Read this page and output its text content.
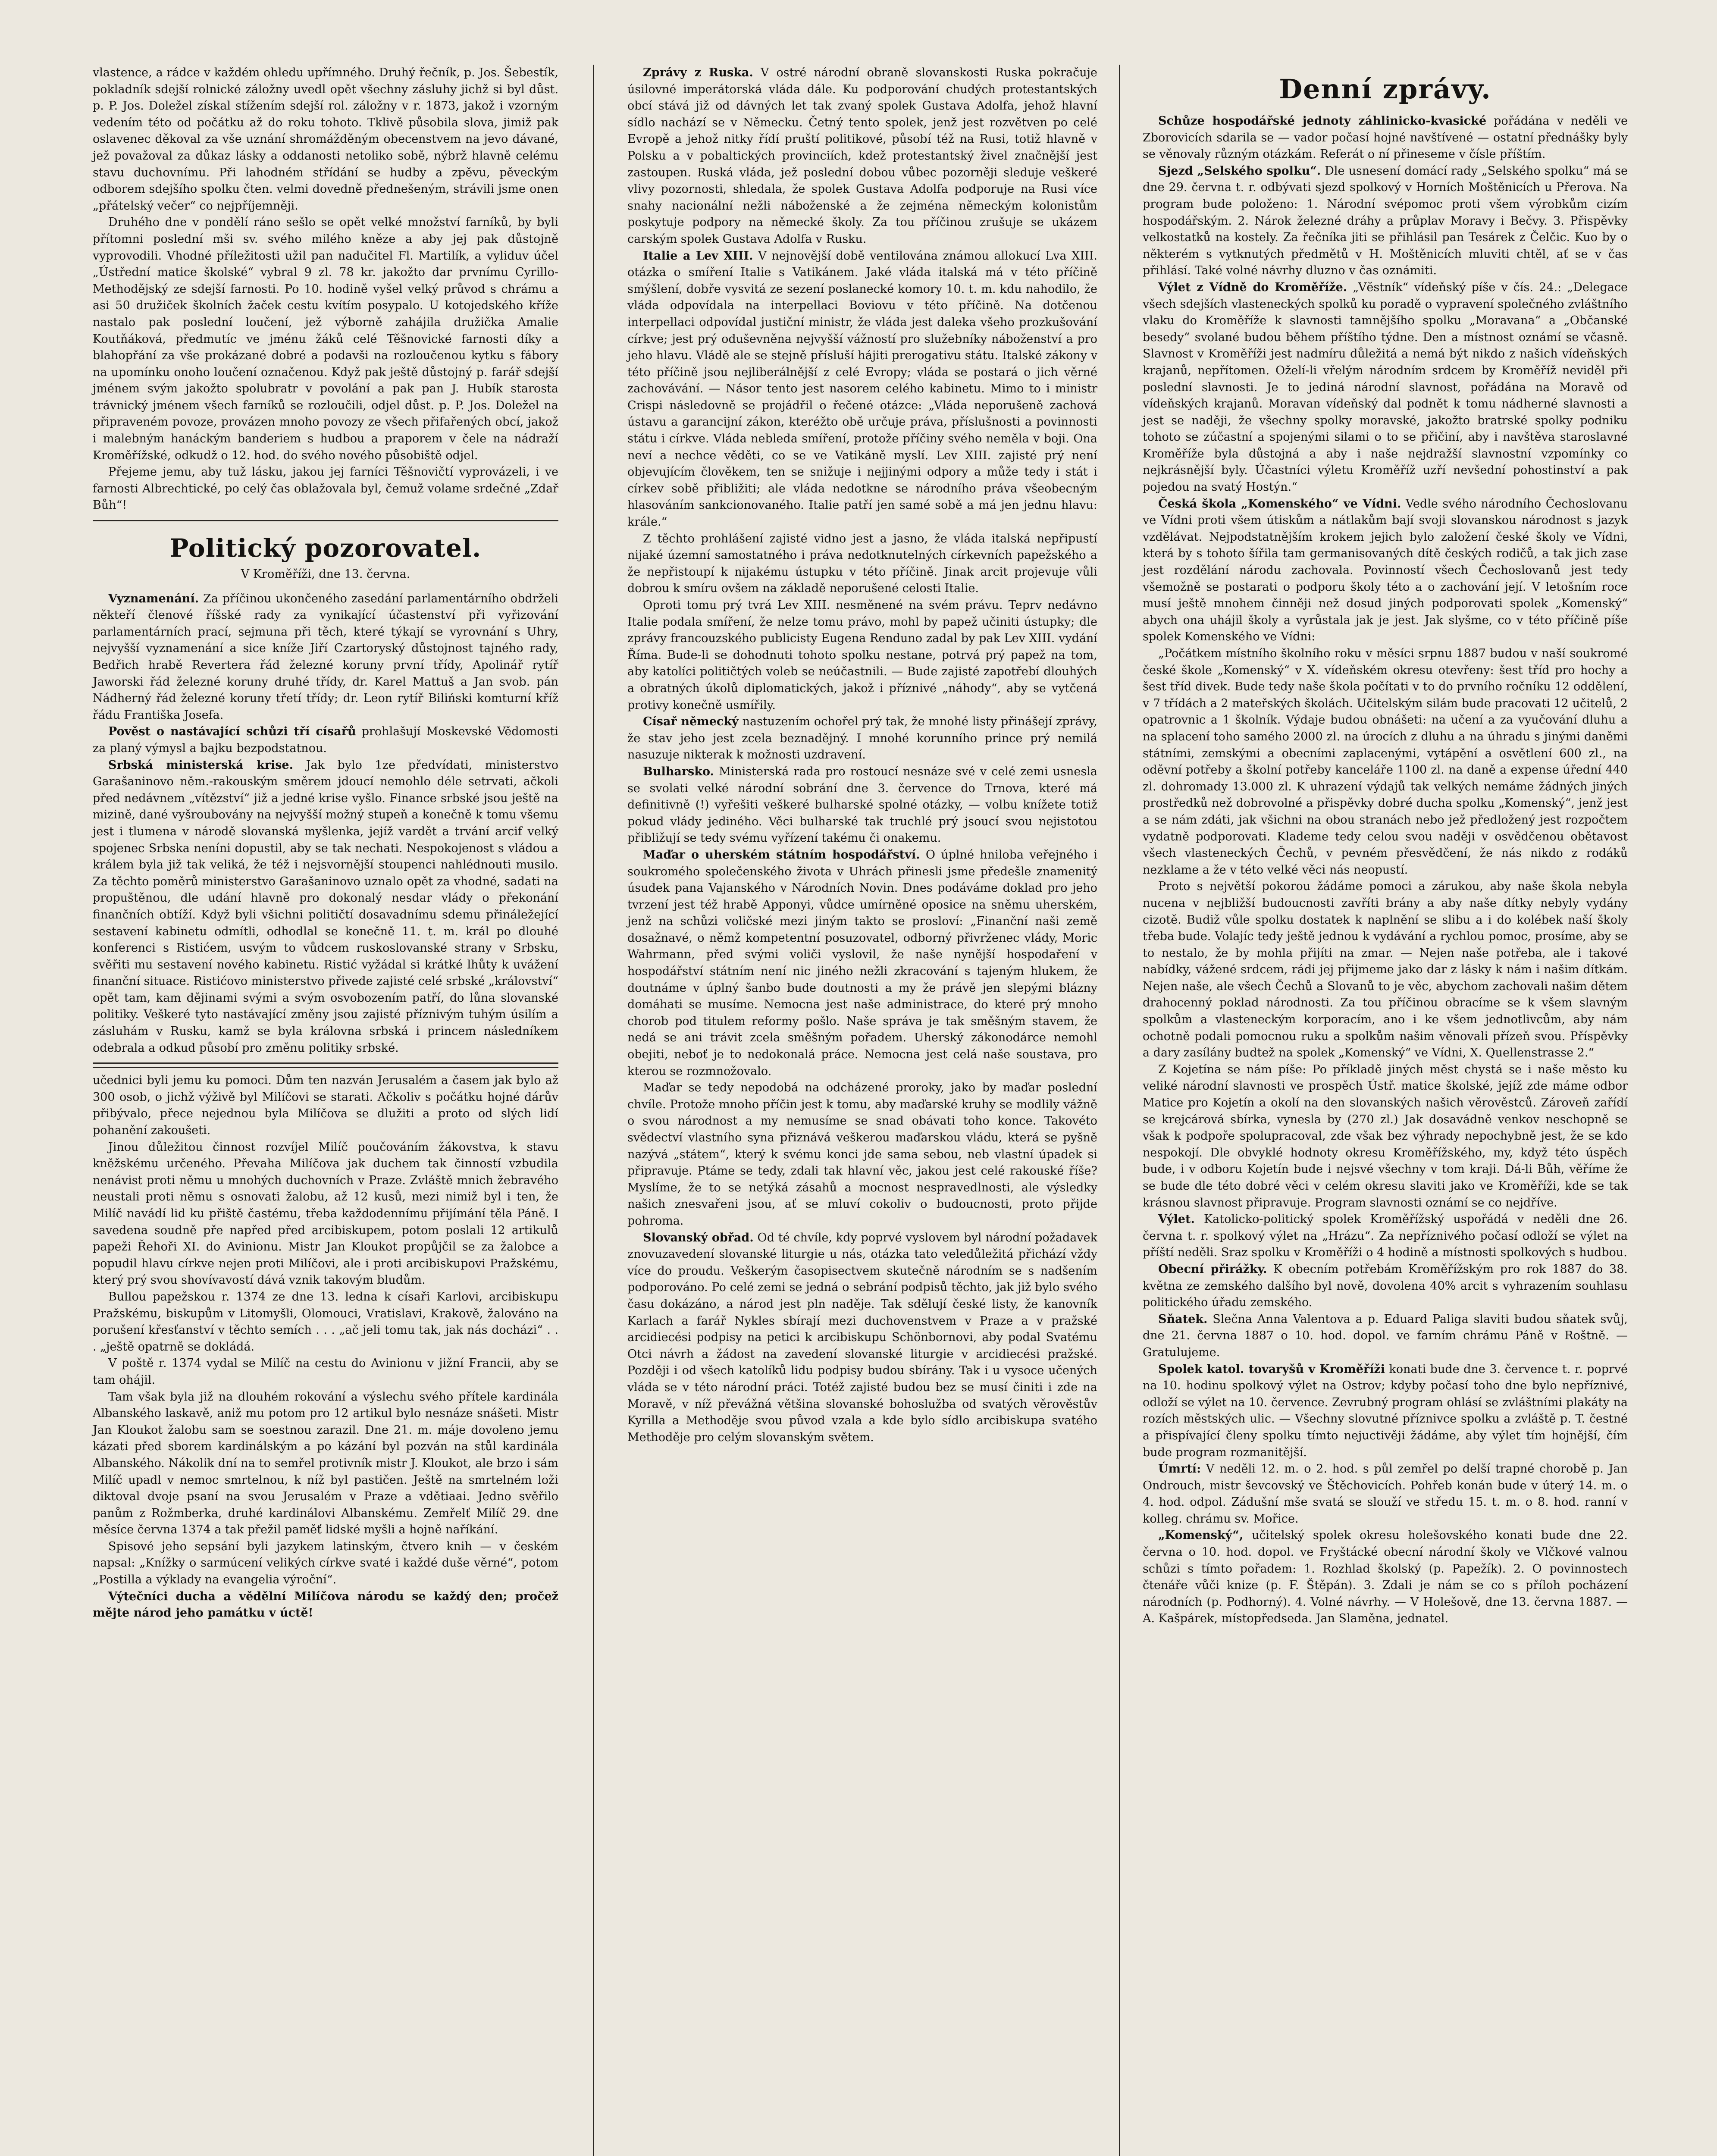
vlastence, a rádce v každém ohledu upřímného. Druhý řečník, p. Jos. Šebestík, pokladník sdejší rolnické záložny uvedl opět všechny zásluhy jichž si byl důst. p. P. Jos. Doležel získal stížením sdejší rol. záložny v r. 1873, jakož i vzorným vedením této od počátku až do roku tohoto. Tklivě působila slova, jimiž pak oslavenec děkoval za vše uznání shromážděným obecenstvem na jevo dávané, jež považoval za důkaz lásky a oddanosti netoliko sobě, nýbrž hlavně celému stavu duchovnímu. Při lahodném střídání se hudby a zpěvu, pěveckým odborem sdejšího spolku čten. velmi dovedně přednešeným, strávili jsme onen „přátelský večer“ co nejpříjemněji.

Druhého dne v pondělí ráno sešlo se opět velké množství farníků, by byli přítomni poslední mši sv. svého milého kněze a aby jej pak důstojně vyprovodili. Vhodné příležitosti užil pan nadučitel Fl. Martilík, a vyliduv účel „Ústřední matice školské“ vybral 9 zl. 78 kr. jakožto dar prvnímu Cyrillo-Methodějský ze sdejší farnosti. Po 10. hodině vyšel velký průvod s chrámu a asi 50 družiček školních žaček cestu kvítím posypalo. U kotojedského kříže nastalo pak poslední loučení, jež výborně zahájila družička Amalie Koutňáková, předmutíc ve jménu žáků celé Těšnovické farnosti díky a blahopřání za vše prokázané dobré a podavši na rozloučenou kytku s fábory na upomínku onoho loučení označenou. Když pak ještě důstojný p. farář sdejší jménem svým jakožto spolubratr v povolání a pak pan J. Hubík starosta trávnický jménem všech farníků se rozloučili, odjel důst. p. P. Jos. Doležel na připraveném povoze, provázen mnoho povozy ze všech přifařených obcí, jakož i malebným hanáckým banderiem s hudbou a praporem v čele na nádraží Kroměřížské, odkudž o 12. hod. do svého nového působiště odjel.

Přejeme jemu, aby tuž lásku, jakou jej farníci Těšnovičtí vyprovázeli, i ve farnosti Albrechtické, po celý čas oblažovala byl, čemuž volame srdečné „Zdař Bůh“!

Politický pozorovatel.
V Kroměříži, dne 13. června.

Vyznamenání. Za příčinou ukončeného zasedání parlamentárního obdrželi někteří členové říšské rady za vynikající účastenství při vyřizování parlamentárních prací, sejmuna při těch, které týkají se vyrovnání s Uhry, nejvyšší vyznamenání a sice kníže Jiří Czartoryský důstojnost tajného rady, Bedřich hrabě Revertera řád železné koruny první třídy, Apolinář rytíř Jaworski řád železné koruny druhé třídy, dr. Karel Mattuš a Jan svob. pán Nádherný řád železné koruny třetí třídy; dr. Leon rytíř Biliński komturní kříž řádu Františka Josefa.

Pověst o nastávající schůzi tří císařů prohlašují Moskevské Vědomosti za planý výmysl a bajku bezpodstatnou.

Srbská ministerská krise. Jak bylo 1ze předvídati, ministerstvo Garašaninovo něm.-rakouským směrem jdoucí nemohlo déle setrvati, ačkoli před nedávnem „vítězství“ již a jedné krise vyšlo. Finance srbské jsou ještě na mizině, dané vyšroubovány na nejvyšší možný stupeň a konečně k tomu všemu jest i tlumena v národě slovanská myšlenka, jejíž vardět a trvání arcif velký spojenec Srbska neníni dopustil, aby se tak nechati. Nespokojenost s vládou a králem byla již tak veliká, že též i nejsvornější stoupenci nahlédnouti musilo. Za těchto poměrů ministerstvo Garašaninovo uznalo opět za vhodné, sadati na propuštěnou, dle udání hlavně pro dokonalý nesdar vlády o překonání finančních obtíží. Když byli všichni političtí dosavadnímu sdemu přináležející sestavení kabinetu odmítli, odhodlal se konečně 11. t. m. král po dlouhé konferenci s Ristićem, usvým to vůdcem ruskoslovanské strany v Srbsku, svěřiti mu sestavení nového kabinetu. Ristić vyžádal si krátké lhůty k uvážení finanční situace. Ristićovo ministerstvo přivede zajisté celé srbské „království“ opět tam, kam dějinami svými a svým osvobozením patří, do lůna slovanské politiky. Veškeré tyto nastávající změny jsou zajisté příznivým tuhým úsilím a zásluhám v Rusku, kamž se byla královna srbská i princem následníkem odebrala a odkud působí pro změnu politiky srbské.

učednici byli jemu ku pomoci. Dům ten nazván Jerusalém a časem jak bylo až 300 osob, o jichž výživě byl Milíčovi se starati. Ačkoliv s počátku hojné dárův přibývalo, přece nejednou byla Milíčova se dlužiti a proto od slých lidí pohanění zakoušeti.

Jinou důležitou činnost rozvíjel Milíč poučováním žákovstva, k stavu kněžskému určeného. Převaha Milíčova jak duchem tak činností vzbudila nenávist proti němu u mnohých duchovních v Praze. Zvláště mnich žebravého neustali proti němu s osnovati žalobu, až 12 kusů, mezi nimiž byl i ten, že Milíč navádí lid ku přiště častému, třeba každodennímu přijímání těla Páně. I savedena soudně pře napřed před arcibiskupem, potom poslali 12 artikulů papeži Řehoři XI. do Avinionu. Mistr Jan Kloukot propůjčil se za žalobce a popudil hlavu církve nejen proti Milíčovi, ale i proti arcibiskupovi Pražskému, který prý svou shovívavostí dává vznik takovým bludům.

Bullou papežskou r. 1374 ze dne 13. ledna k císaři Karlovi, arcibiskupu Pražskému, biskupům v Litomyšli, Olomouci, Vratislavi, Krakově, žalováno na porušení křesťanství v těchto semích . . . „ač jeli tomu tak, jak nás docházi“ . . . „ještě opatrně se dokládá.

V poště r. 1374 vydal se Milíč na cestu do Avinionu v jižní Francii, aby se tam ohájil.

Tam však byla již na dlouhém rokování a výslechu svého přítele kardinála Albanského laskavě, aniž mu potom pro 12 artikul bylo nesnáze snášeti. Mistr Jan Kloukot žalobu sam se soestnou zarazil. Dne 21. m. máje dovoleno jemu kázati před sborem kardinálským a po kázání byl pozván na stůl kardinála Albanského. Nákolik dní na to semřel protivník mistr J. Kloukot, ale brzo i sám Milíč upadl v nemoc smrtelnou, k níž byl pastičen. Ještě na smrtelném loži diktoval dvoje psaní na svou Jerusalém v Praze a vdětiaai. Jedno svěřilo panům z Rožmberka, druhé kardinálovi Albanskému. Zemřelť Milíč 29. dne měsíce června 1374 a tak přežil paměť lidské myšli a hojně naříkání.

Spisové jeho sepsání byli jazykem latinským, čtvero knih — v českém napsal: „Knížky o sarmúcení velikých církve svaté i každé duše věrné“, potom „Postilla a výklady na evangelia výroční“.

Výtečníci ducha a vědělní Milíčova národu se každý den; pročež mějte národ jeho památku v úctě!

Zprávy z Ruska. V ostré národní obraně slovanskosti Ruska pokračuje úsilovné imperátorská vláda dále. Ku podporování chudých protestantských obcí stává již od dávných let tak zvaný spolek Gustava Adolfa, jehož hlavní sídlo nachází se v Německu. Četný tento spolek, jenž jest rozvětven po celé Evropě a jehož nitky řídí pruští politikové, působí též na Rusi, totiž hlavně v Polsku a v pobaltických provinciích, kdež protestantský živel značnější jest zastoupen. Ruská vláda, jež poslední dobou vůbec pozorněji sleduje veškeré vlivy pozornosti, shledala, že spolek Gustava Adolfa podporuje na Rusi více snahy nacionální nežli náboženské a že zejména německým kolonistům poskytuje podpory na německé školy. Za tou příčinou zrušuje se ukázem carským spolek Gustava Adolfa v Rusku.

Italie a Lev XIII. V nejnovější době ventilována známou allokucí Lva XIII. otázka o smíření Italie s Vatikánem. Jaké vláda italská má v této příčině smýšlení, dobře vysvitá ze sezení poslanecké komory 10. t. m. kdu nahodilo, že vláda odpovídala na interpellaci Boviovu v této příčině. Na dotčenou interpellaci odpovídal justiční ministr, že vláda jest daleka všeho prozkušování církve; jest prý oduševněna nejvyšší vážností pro služebníky náboženství a pro jeho hlavu. Vládě ale se stejně přísluší hájiti prerogativu státu. Italské zákony v této příčině jsou nejliberálnější z celé Evropy; vláda se postará o jich věrné zachovávání. — Násor tento jest nasorem celého kabinetu. Mimo to i ministr Crispi následovně se projádřil o řečené otázce: „Vláda neporušeně zachová ústavu a garancijní zákon, kteréžto obě určuje práva, příslušnosti a povinnosti státu i církve. Vláda nebleda smíření, protože příčiny svého neměla v boji. Ona neví a nechce věděti, co se ve Vatikáně myslí. Lev XIII. zajisté prý není objevujícím člověkem, ten se snižuje i nejjinými odpory a může tedy i stát i církev sobě přibližiti; ale vláda nedotkne se národního práva všeobecným hlasováním sankcionovaného. Italie patří jen samé sobě a má jen jednu hlavu: krále.“

Z těchto prohlášení zajisté vidno jest a jasno, že vláda italská nepřipustí nijaké územní samostatného i práva nedotknutelných církevních papežského a že nepřistoupí k nijakému ústupku v této příčině. Jinak arcit projevuje vůli dobrou k smíru ovšem na základě neporušené celosti Italie.

Oproti tomu prý tvrá Lev XIII. nesměnené na svém právu. Teprv nedávno Italie podala smíření, že nelze tomu právo, mohl by papež učiniti ústupky; dle zprávy francouzského publicisty Eugena Renduno zadal by pak Lev XIII. vydání Říma. Bude-li se dohodnuti tohoto spolku nestane, potrvá prý papež na tom, aby katolíci političtých voleb se neúčastnili. — Bude zajisté zapotřebí dlouhých a obratných úkolů diplomatických, jakož i příznivé „náhody“, aby se vytčená protivy konečně usmířily.

Císař německý nastuzením ochořel prý tak, že mnohé listy přinášejí zprávy, že stav jeho jest zcela beznadějný. I mnohé korunního prince prý nemilá nasuzuje nikterak k možnosti uzdravení.

Bulharsko. Ministerská rada pro rostoucí nesnáze své v celé zemi usnesla se svolati velké národní sobrání dne 3. července do Trnova, které má definitivně (!) vyřešiti veškeré bulharské spolné otázky, — volbu knížete totiž pokud vlády jediného. Věci bulharské tak truchlé prý jsoucí svou nejistotou přibližují se tedy svému vyřízení takému či onakemu.

Maďar o uherském státním hospodářství. O úplné hniloba veřejného i soukromého společenského života v Uhrách přinesli jsme předešle znamenitý úsudek pana Vajanského v Národních Novin. Dnes podáváme doklad pro jeho tvrzení jest též hrabě Apponyi, vůdce umírněné oposice na sněmu uherském, jenž na schůzi voličské mezi jiným takto se prosloví: „Finanční naši země dosažnavé, o němž kompetentní posuzovatel, odborný přivrženec vlády, Moric Wahrmann, před svými voliči vyslovil, že naše nynější hospodaření v hospodářství státním není nic jiného nežli zkracování s tajeným hlukem, že doutnáme v úplný šanbo bude doutnosti a my že právě jen slepými blázny domáhati se musíme. Nemocna jest naše administrace, do které prý mnoho chorob pod titulem reformy pošlo. Naše správa je tak směšným stavem, že nedá se ani trávit zcela směšným pořadem. Uherský zákonodárce nemohl obejiti, neboť je to nedokonalá práce. Nemocna jest celá naše soustava, pro kterou se rozmnožovalo.

Maďar se tedy nepodobá na odcházené proroky, jako by maďar poslední chvíle. Protože mnoho příčin jest k tomu, aby maďarské kruhy se modlily vážně o svou národnost a my nemusíme se snad obávati toho konce. Takovéto svědectví vlastního syna přiznává veškerou maďarskou vládu, která se pyšně nazývá „státem“, který k svému konci jde sama sebou, neb vlastní úpadek si připravuje. Ptáme se tedy, zdali tak hlavní věc, jakou jest celé rakouské říše? Myslíme, že to se netýká zásahů a mocnost nespravedlnosti, ale výsledky našich znesvařeni jsou, ať se mluví cokoliv o budoucnosti, proto přijde pohroma.

Slovanský obřad. Od té chvíle, kdy poprvé vyslovem byl národní požadavek znovuzavedení slovanské liturgie u nás, otázka tato veledůležitá přichází vždy více do proudu. Veškerým časopisectvem skutečně národním se s nadšením podporováno. Po celé zemi se jedná o sebrání podpisů těchto, jak již bylo svého času dokázáno, a národ jest pln naděje. Tak sdělují české listy, že kanovník Karlach a farář Nykles sbírají mezi duchovenstvem v Praze a v pražské arcidiecési podpisy na petici k arcibiskupu Schönbornovi, aby podal Svatému Otci návrh a žádost na zavedení slovanské liturgie v arcidiecési pražské. Později i od všech katolíků lidu podpisy budou sbírány. Tak i u vysoce učených vláda se v této národní práci. Totéž zajisté budou bez se musí činiti i zde na Moravě, v níž převážná většina slovanské bohoslužba od svatých věrověstův Kyrilla a Methoděje svou původ vzala a kde bylo sídlo arcibiskupa svatého Methoděje pro celým slovanským světem.

Denní zprávy.

Schůze hospodářské jednoty záhlinicko-kvasické pořádána v neděli ve Zborovicích sdarila se — vador počasí hojné navštívené — ostatní přednášky byly se věnovaly různým otázkám. Referát o ní přineseme v čísle příštím.

Sjezd „Selského spolku“. Dle usnesení domácí rady „Selského spolku“ má se dne 29. června t. r. odbývati sjezd spolkový v Horních Moštěnicích u Přerova. Na program bude položeno: 1. Národní svépomoc proti všem výrobkům cizím hospodářským. 2. Nárok železné dráhy a průplav Moravy i Bečvy. 3. Přispěvky velkostatků na kostely. Za řečníka jiti se přihlásil pan Tesárek z Čelčic. Kuo by o některém s vytknutých předmětů v H. Moštěnicích mluviti chtěl, ať se v čas přihlásí. Také volné návrhy dluzno v čas oznámiti.

Výlet z Vídně do Kroměříže. „Vĕstník“ vídeňský píše v čís. 24.: „Delegace všech sdejších vlasteneckých spolků ku poradě o vypravení společného zvláštního vlaku do Kroměříže k slavnosti tamnějšího spolku „Moravana“ a „Občanské besedy“ svolané budou během příštího týdne. Den a místnost oznámí se včasně. Slavnost v Kroměříži jest nadmíru důležitá a nemá být nikdo z našich vídeňských krajanů, nepřítomen. Oželí-li vřelým národním srdcem by Kroměříž neviděl při poslední slavnosti. Je to jediná národní slavnost, pořádána na Moravě od vídeňských krajanů. Moravan vídeňský dal podnět k tomu nádherné slavnosti a jest se naději, že všechny spolky moravské, jakožto bratrské spolky podniku tohoto se zúčastní a spojenými silami o to se přičiní, aby i navštěva staroslavné Kroměříže byla důstojná a aby i naše nejdražší slavnostní vzpomínky co nejkrásnější byly. Účastníci výletu Kroměříž uzří nevšední pohostinství a pak pojedou na svatý Hostýn.“

Česká škola „Komenského“ ve Vídni. Vedle svého národního Čechoslovanu ve Vídni proti všem útiskům a nátlakům bají svoji slovanskou národnost s jazyk vzdělávat. Nejpodstatnějším krokem jejich bylo založení české školy ve Vídni, která by s tohoto šířila tam germanisovaných dítě českých rodičů, a tak jich zase jest rozdělání národu zachovala. Povinností všech Čechoslovanů jest tedy všemožně se postarati o podporu školy této a o zachování její. V letošním roce musí ještě mnohem činněji než dosud jiných podporovati spolek „Komenský“ abych ona uhájil školy a vyrůstala jak je jest. Jak slyšme, co v této příčině píše spolek Komenského ve Vídni:

„Počátkem místního školního roku v měsíci srpnu 1887 budou v naší soukromé české škole „Komenský“ v X. vídeňském okresu otevřeny: šest tříd pro hochy a šest tříd divek. Bude tedy naše škola počítati v to do prvního ročníku 12 oddělení, v 7 třídách a 2 mateřských školách. Učitelským silám bude pracovati 12 učitelů, 2 opatrovnic a 1 školník. Výdaje budou obnášeti: na učení a za vyučování dluhu a na splacení toho samého 2000 zl. na úrocích z dluhu a na úhradu s jinými daněmi státními, zemskými a obecními zaplacenými, vytápění a osvětlení 600 zl., na oděvní potřeby a školní potřeby kanceláře 1100 zl. na daně a expense úřední 440 zl. dohromady 13.000 zl. K uhrazení výdajů tak velkých nemáme žádných jiných prostředků než dobrovolné a přispěvky dobré ducha spolku „Komenský“, jenž jest a se nám zdáti, jak všichni na obou stranách nebo jež předložený jest rozpočtem vydatně podporovati. Klademe tedy celou svou naději v osvědčenou obětavost všech vlasteneckých Čechů, v pevném přesvědčení, že nás nikdo z rodáků nezklame a že v této velké věci nás neopustí.

Proto s největší pokorou žádáme pomoci a zárukou, aby naše škola nebyla nucena v nejbližší budoucnosti zavříti brány a aby naše dítky nebyly vydány cizotě. Budiž vůle spolku dostatek k naplnění se slibu a i do kolébek naší školy třeba bude. Volajíc tedy ještě jednou k vydávání a rychlou pomoc, prosíme, aby se to nestalo, že by mohla přijíti na zmar. — Nejen naše potřeba, ale i takové nabídky, vážené srdcem, rádi jej přijmeme jako dar z lásky k nám i našim dítkám. Nejen naše, ale všech Čechů a Slovanů to je věc, abychom zachovali našim dětem drahocenný poklad národnosti. Za tou příčinou obracíme se k všem slavným spolkům a vlasteneckým korporacím, ano i ke všem jednotlivcům, aby nám ochotně podali pomocnou ruku a spolkům našim věnovali přízeň svou. Příspěvky a dary zasílány budtež na spolek „Komenský“ ve Vídni, X. Quellenstrasse 2.“

Z Kojetína se nám píše: Po příkladě jiných měst chystá se i naše město ku veliké národní slavnosti ve prospěch Ústř. matice školské, jejíž zde máme odbor Matice pro Kojetín a okolí na den slovanských našich věrověstců. Zároveň zařídí se krejcárová sbírka, vynesla by (270 zl.) Jak dosavádně venkov neschopně se však k podpoře spolupracoval, zde však bez výhrady nepochybně jest, že se kdo nespokojí. Dle obvyklé hodnoty okresu Kroměřížského, my, když této úspěch bude, i v odboru Kojetín bude i nejsvé všechny v tom kraji. Dá-li Bůh, věříme že se bude dle této dobré věci v celém okresu slaviti jako ve Kroměříži, kde se tak krásnou slavnost připravuje. Program slavnosti oznámí se co nejdříve.

Výlet. Katolicko-politický spolek Kroměřížský uspořádá v neděli dne 26. června t. r. spolkový výlet na „Hrázu“. Za nepříznivého počasí odloží se výlet na příští neděli. Sraz spolku v Kroměříži o 4 hodině a místnosti spolkových s hudbou.

Obecní přirážky. K obecním potřebám Kroměřížským pro rok 1887 do 38. května ze zemského dalšího byl nově, dovolena 40% arcit s vyhrazením souhlasu politického úřadu zemského.

Sňatek. Slečna Anna Valentova a p. Eduard Paliga slaviti budou sňatek svůj, dne 21. června 1887 o 10. hod. dopol. ve farním chrámu Páně v Roštně. — Gratulujeme.

Spolek katol. tovaryšů v Kroměříži konati bude dne 3. července t. r. poprvé na 10. hodinu spolkový výlet na Ostrov; kdyby počasí toho dne bylo nepříznivé, odloží se výlet na 10. července. Zevrubný program ohlásí se zvláštními plakáty na rozích městských ulic. — Všechny slovutné příznivce spolku a zvláště p. T. čestné a přispívající členy spolku tímto nejuctivěji žádáme, aby výlet tím hojnější, čím bude program rozmanitější.

Úmrtí: V neděli 12. m. o 2. hod. s půl zemřel po delší trapné chorobě p. Jan Ondrouch, mistr ševcovský ve Štěchovicích. Pohřeb konán bude v úterý 14. m. o 4. hod. odpol. Zádušní mše svatá se slouží ve středu 15. t. m. o 8. hod. ranní v kolleg. chrámu sv. Mořice.

„Komenský“, učitelský spolek okresu holešovského konati bude dne 22. června o 10. hod. dopol. ve Fryštácké obecní národní školy ve Vlčkové valnou schůzi s tímto pořadem: 1. Rozhlad školský (p. Papežík). 2. O povinnostech čtenáře vůči knize (p. F. Štěpán). 3. Zdali je nám se co s příloh pocházení národních (p. Podhorný). 4. Volné návrhy. — V Holešově, dne 13. června 1887. — A. Kašpárek, místopředseda. Jan Slaměna, jednatel.
